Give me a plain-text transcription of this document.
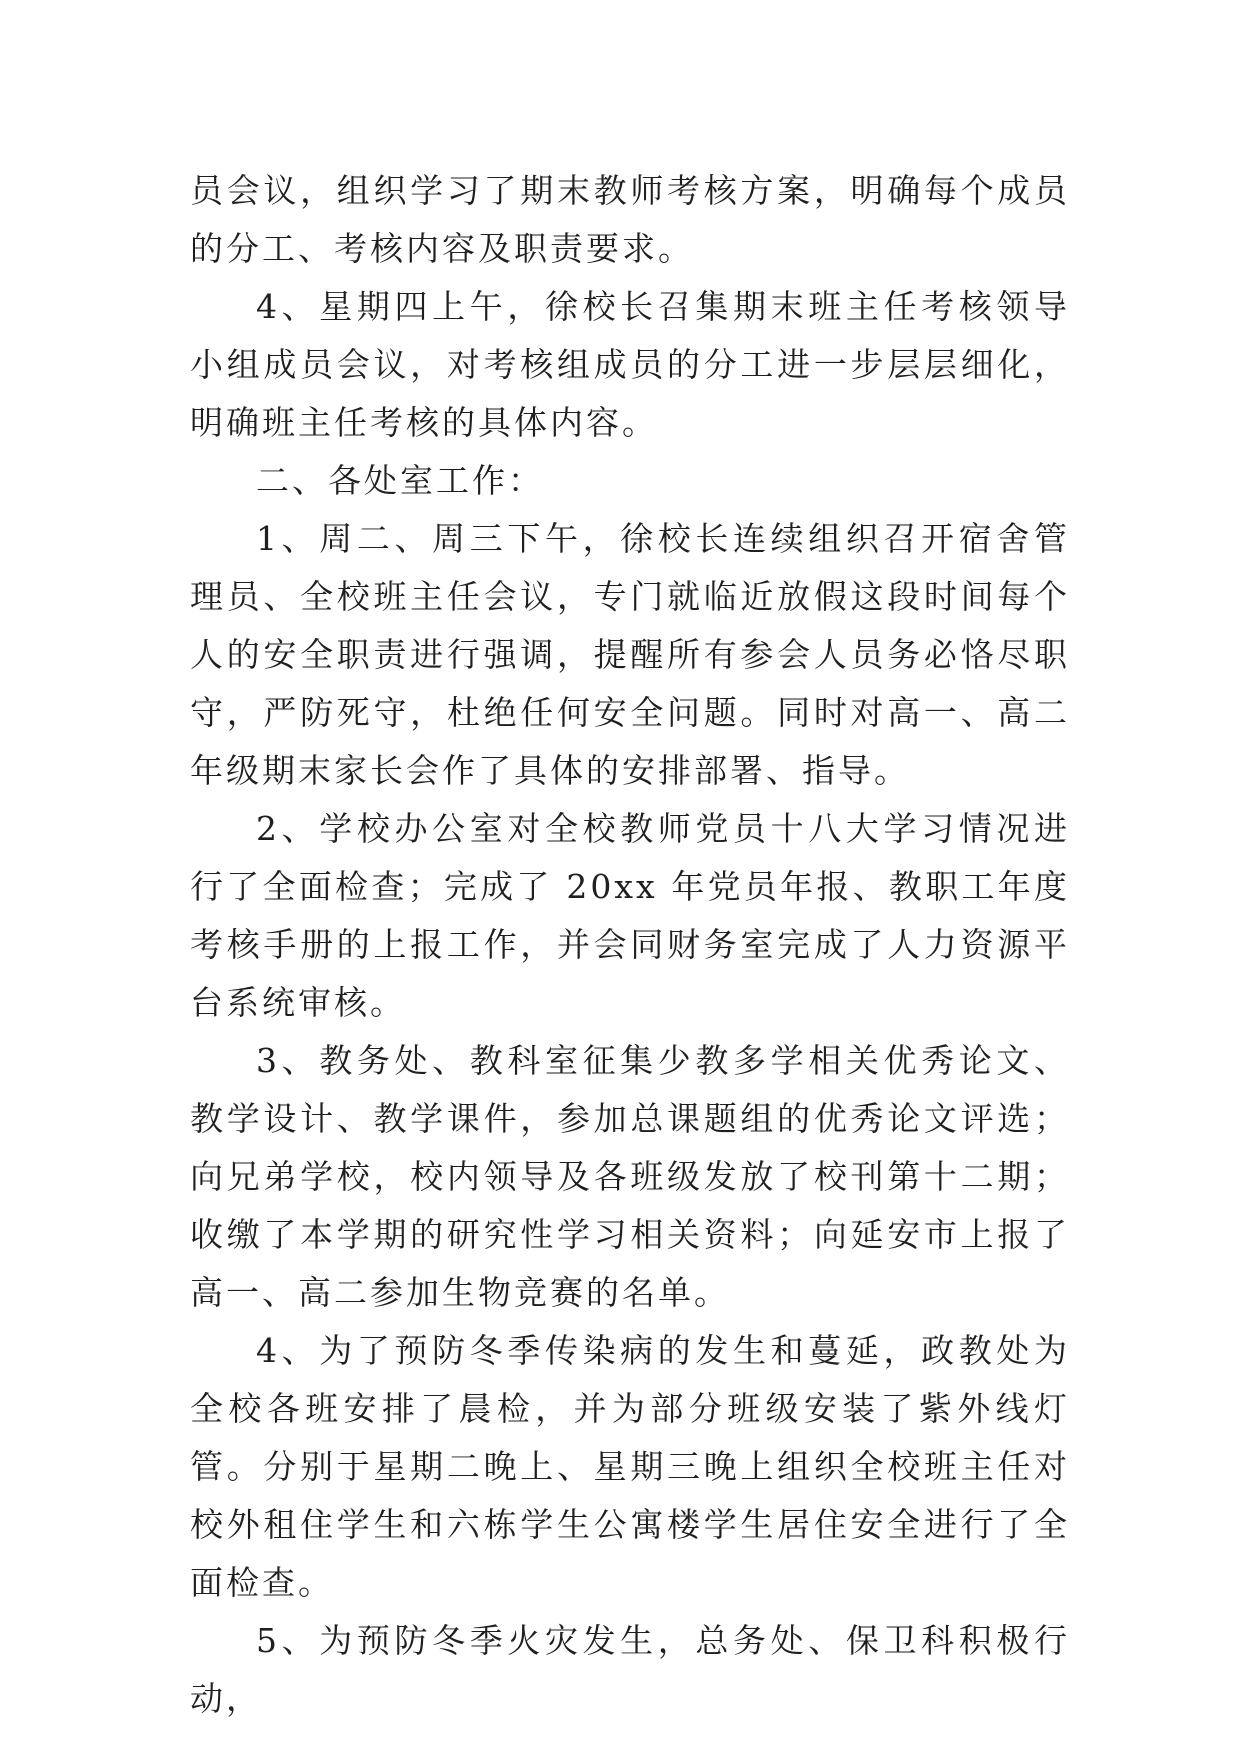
员会议，组织学习了期末教师考核方案，明确每个成员的分工、考核内容及职责要求。

4、星期四上午，徐校长召集期末班主任考核领导小组成员会议，对考核组成员的分工进一步层层细化，明确班主任考核的具体内容。

二、各处室工作：

1、周二、周三下午，徐校长连续组织召开宿舍管理员、全校班主任会议，专门就临近放假这段时间每个人的安全职责进行强调，提醒所有参会人员务必恪尽职守，严防死守，杜绝任何安全问题。同时对高一、高二年级期末家长会作了具体的安排部署、指导。

2、学校办公室对全校教师党员十八大学习情况进行了全面检查；完成了 20xx 年党员年报、教职工年度考核手册的上报工作，并会同财务室完成了人力资源平台系统审核。

3、教务处、教科室征集少教多学相关优秀论文、教学设计、教学课件，参加总课题组的优秀论文评选；向兄弟学校，校内领导及各班级发放了校刊第十二期；收缴了本学期的研究性学习相关资料；向延安市上报了高一、高二参加生物竞赛的名单。

4、为了预防冬季传染病的发生和蔓延，政教处为全校各班安排了晨检，并为部分班级安装了紫外线灯管。分别于星期二晚上、星期三晚上组织全校班主任对校外租住学生和六栋学生公寓楼学生居住安全进行了全面检查。

5、为预防冬季火灾发生，总务处、保卫科积极行动，
